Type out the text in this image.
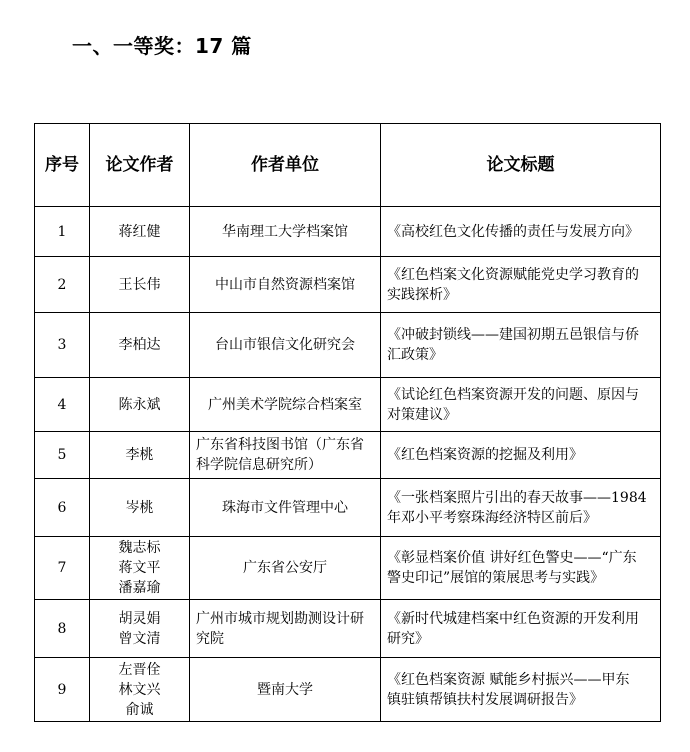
一、一等奖：17 篇
序号	论文作者	作者单位	论文标题
1	蒋红健	华南理工大学档案馆	《高校红色文化传播的责任与发展方向》

2	王长伟	中山市自然资源档案馆	《红色档案文化资源赋能党史学习教育的
实践探析》

3	李柏达	台山市银信文化研究会	《冲破封锁线——建国初期五邑银信与侨
汇政策》

4	陈永斌	广州美术学院综合档案室	《试论红色档案资源开发的问题、原因与
对策建议》

5	李桃	广东省科技图书馆（广东省
科学院信息研究所）	《红色档案资源的挖掘及利用》

6	岑桃	珠海市文件管理中心	《一张档案照片引出的春天故事——1984
年邓小平考察珠海经济特区前后》

7	魏志标
蒋文平
潘嘉瑜	广东省公安厅	《彰显档案价值 讲好红色警史——“广东
警史印记”展馆的策展思考与实践》

8	胡灵娟
曾文清	广州市城市规划勘测设计研
究院	《新时代城建档案中红色资源的开发利用
研究》

9	左晋佺
林文兴
俞诚	暨南大学	《红色档案资源 赋能乡村振兴——甲东
镇驻镇帮镇扶村发展调研报告》
